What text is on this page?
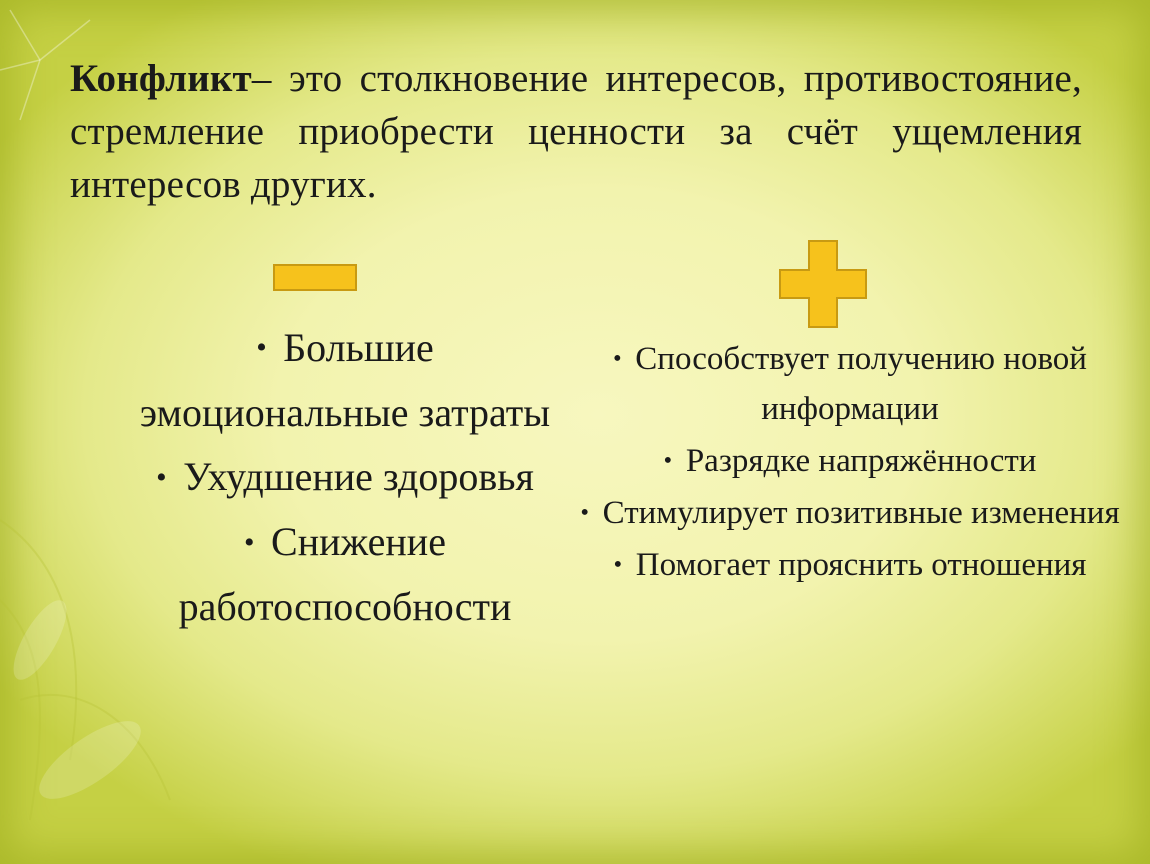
Конфликт– это столкновение интересов, противостояние, стремление приобрести ценности за счёт ущемления интересов других.
• Большие эмоциональные затраты
• Ухудшение здоровья
• Снижение работоспособности
• Способствует получению новой информации
• Разрядке напряжённости
• Стимулирует позитивные изменения
• Помогает прояснить отношения
